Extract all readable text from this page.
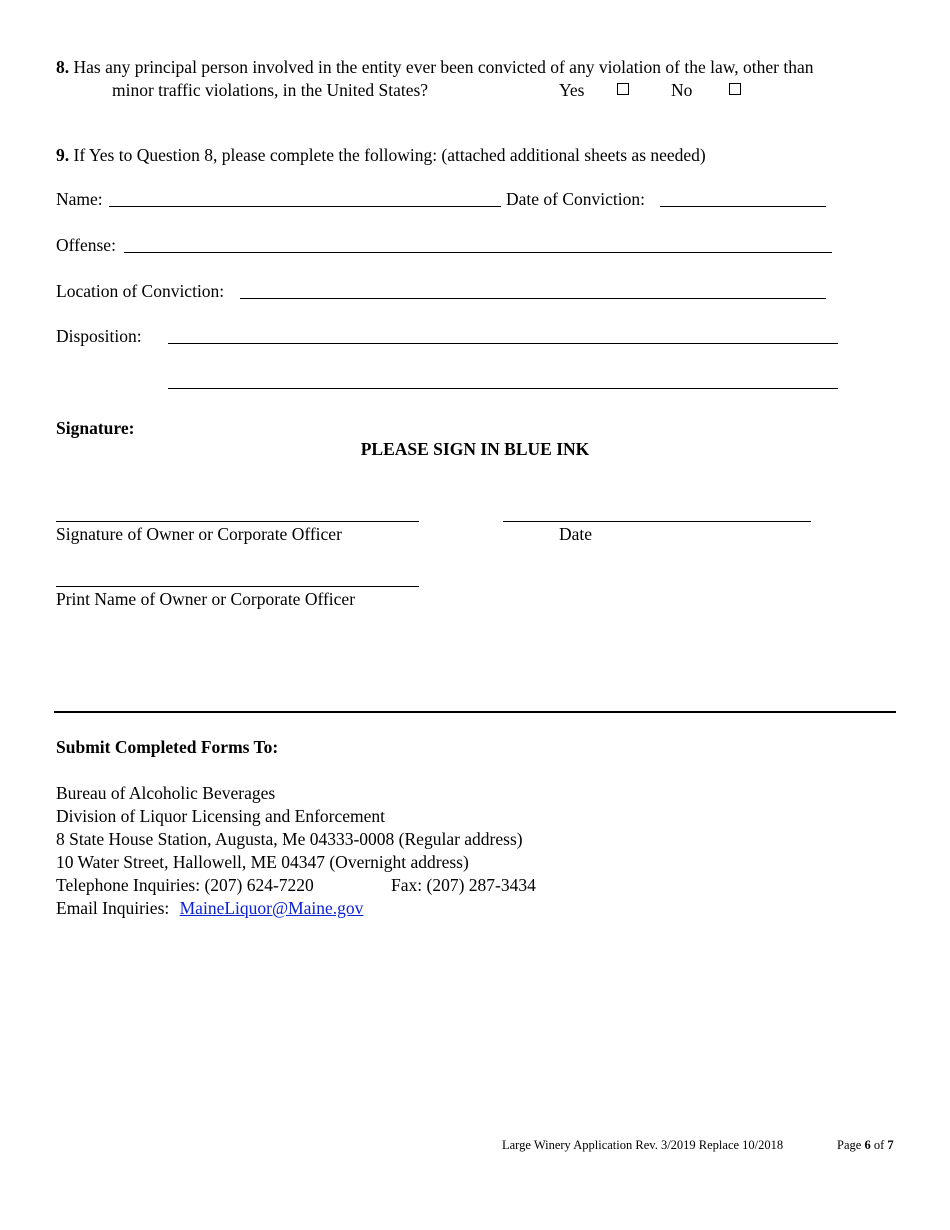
8. Has any principal person involved in the entity ever been convicted of any violation of the law, other than
minor traffic violations, in the United States?	Yes	No
9. If Yes to Question 8, please complete the following: (attached additional sheets as needed)
Name:	Date of Conviction:
Offense:
Location of Conviction:
Disposition:
Signature:
PLEASE SIGN IN BLUE INK
Signature of Owner or Corporate Officer	Date
Print Name of Owner or Corporate Officer
Submit Completed Forms To:
Bureau of Alcoholic Beverages
Division of Liquor Licensing and Enforcement
8 State House Station, Augusta, Me 04333-0008 (Regular address)
10 Water Street, Hallowell, ME 04347 (Overnight address)
Telephone Inquiries: (207) 624-7220	Fax: (207) 287-3434
Email Inquiries: MaineLiquor@Maine.gov
Large Winery Application Rev. 3/2019 Replace 10/2018	Page 6 of 7
